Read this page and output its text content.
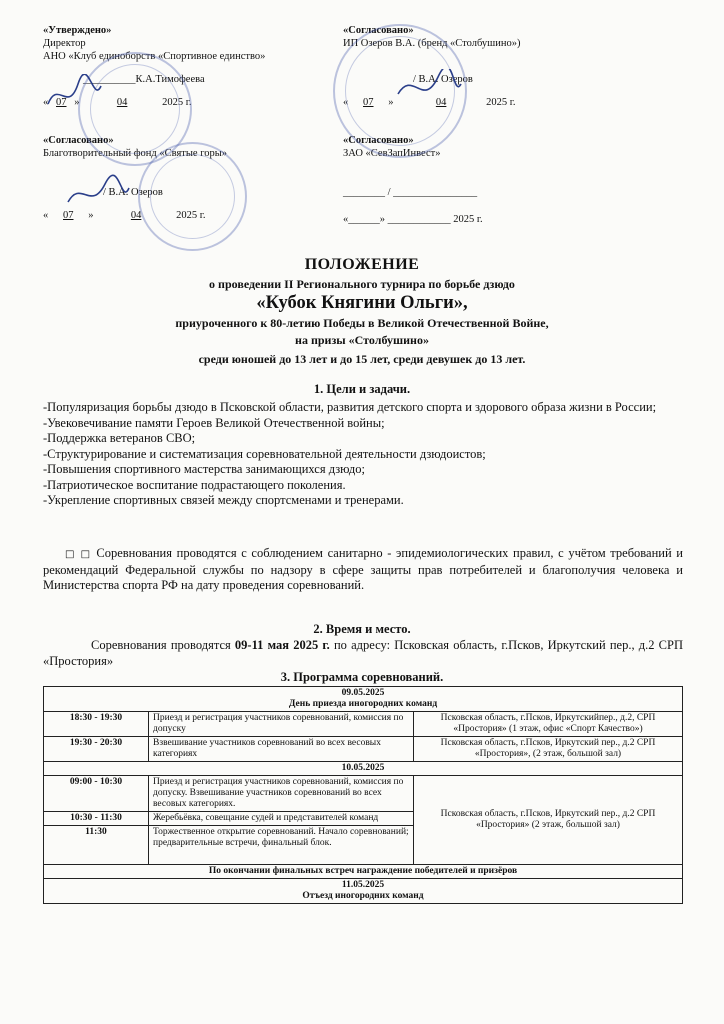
«Утверждено»
Директор
АНО «Клуб единоборств «Спортивное единство»
__________К.А.Тимофеева
« 07 »	04	2025 г.
«Согласовано»
ИП Озеров В.А. (бренд «Столбушино»)
/ В.А. Озеров
« 07 »	04	2025 г.
«Согласовано»
Благотворительный фонд «Святые горы»
/ В.А. Озеров
« 07 »	04	2025 г.
«Согласовано»
ЗАО «СевЗапИнвест»
________ / ________________
«______» ____________ 2025 г.
ПОЛОЖЕНИЕ
о проведении II Регионального турнира по борьбе дзюдо
«Кубок Княгини Ольги»,
приуроченного к 80-летию Победы в Великой Отечественной Войне,
на призы «Столбушино»
среди юношей до 13 лет и до 15 лет, среди девушек до 13 лет.
1. Цели и задачи.
-Популяризация борьбы дзюдо в Псковской области, развития детского спорта и здорового образа жизни в России;
-Увековечивание памяти Героев Великой Отечественной войны;
-Поддержка ветеранов СВО;
-Структурирование и систематизация соревновательной деятельности дзюдоистов;
-Повышения спортивного мастерства занимающихся дзюдо;
-Патриотическое воспитание подрастающего поколения.
-Укрепление спортивных связей между спортсменами и тренерами.
□ □ Соревнования проводятся с соблюдением санитарно - эпидемиологических правил, с учётом требований и рекомендаций Федеральной службы по надзору в сфере защиты прав потребителей и благополучия человека и Министерства спорта РФ на дату проведения соревнований.
2. Время и место.
Соревнования проводятся 09-11 мая 2025 г. по адресу: Псковская область, г.Псков, Иркутский пер., д.2 СРП «Простория»
3. Программа соревнований.
09.05.2025
День приезда иногородних команд		
18:30 - 19:30	Приезд и регистрация участников соревнований, комиссия по допуску	Псковская область, г.Псков, Иркутскийпер., д.2, СРП «Простория» (1 этаж, офис «Спорт Качество»)
19:30 - 20:30	Взвешивание участников соревнований во всех весовых категориях	Псковская область, г.Псков, Иркутский пер., д.2 СРП «Простория», (2 этаж, большой зал)
10.05.2025		
09:00 - 10:30	Приезд и регистрация участников соревнований, комиссия по допуску. Взвешивание участников соревнований во всех весовых категориях.	Псковская область, г.Псков, Иркутский пер., д.2 СРП «Простория» (2 этаж, большой зал)
10:30 - 11:30	Жеребьёвка, совещание судей и представителей команд	
11:30	Торжественное открытие соревнований. Начало соревнований; предварительные встречи, финальный блок.	
По окончании финальных встреч награждение победителей и призёров		
11.05.2025
Отъезд иногородних команд		
